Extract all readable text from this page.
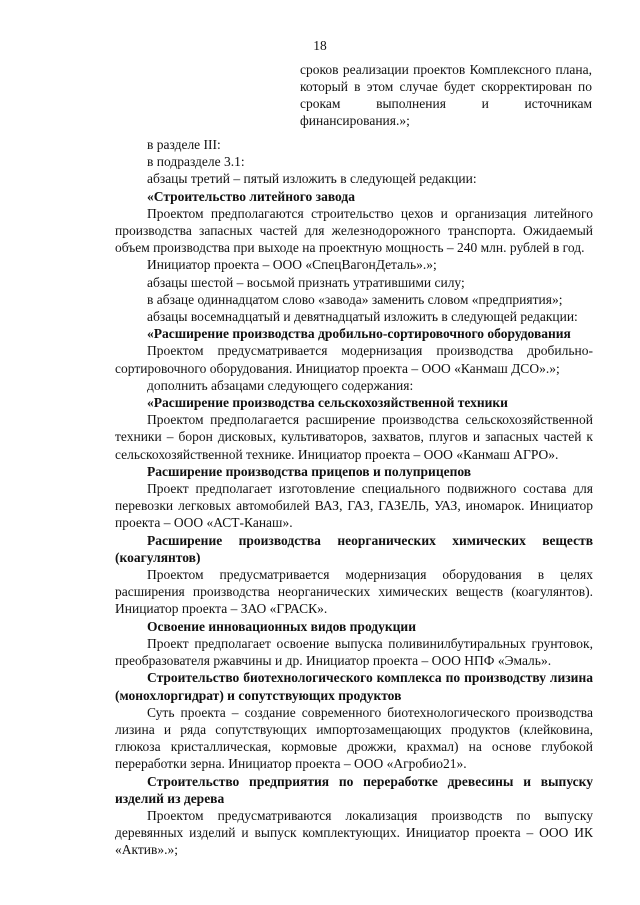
18
сроков реализации проектов Комплексного плана, который в этом случае будет скорректирован по срокам выполнения и источникам финансирования.»;

в разделе III:

в подразделе 3.1:

абзацы третий – пятый изложить в следующей редакции:

«Строительство литейного завода

Проектом предполагаются строительство цехов и организация литейного производства запасных частей для железнодорожного транспорта. Ожидаемый объем производства при выходе на проектную мощность – 240 млн. рублей в год.

Инициатор проекта – ООО «СпецВагонДеталь».»;

абзацы шестой – восьмой признать утратившими силу;

в абзаце одиннадцатом слово «завода» заменить словом «предприятия»;

абзацы восемнадцатый и девятнадцатый изложить в следующей редакции:

«Расширение производства дробильно-сортировочного оборудования

Проектом предусматривается модернизация производства дробильно-сортировочного оборудования. Инициатор проекта – ООО «Канмаш ДСО».»;

дополнить абзацами следующего содержания:

«Расширение производства сельскохозяйственной техники

Проектом предполагается расширение производства сельскохозяйственной техники – борон дисковых, культиваторов, захватов, плугов и запасных частей к сельскохозяйственной технике. Инициатор проекта – ООО «Канмаш АГРО».

Расширение производства прицепов и полуприцепов

Проект предполагает изготовление специального подвижного состава для перевозки легковых автомобилей ВАЗ, ГАЗ, ГАЗЕЛЬ, УАЗ, иномарок. Инициатор проекта – ООО «АСТ-Канаш».

Расширение производства неорганических химических веществ (коагулянтов)

Проектом предусматривается модернизация оборудования в целях расширения производства неорганических химических веществ (коагулянтов). Инициатор проекта – ЗАО «ГРАСК».

Освоение инновационных видов продукции

Проект предполагает освоение выпуска поливинилбутиральных грунтовок, преобразователя ржавчины и др. Инициатор проекта – ООО НПФ «Эмаль».

Строительство биотехнологического комплекса по производству лизина (монохлоргидрат) и сопутствующих продуктов

Суть проекта – создание современного биотехнологического производства лизина и ряда сопутствующих импортозамещающих продуктов (клейковина, глюкоза кристаллическая, кормовые дрожжи, крахмал) на основе глубокой переработки зерна. Инициатор проекта – ООО «Агробио21».

Строительство предприятия по переработке древесины и выпуску изделий из дерева

Проектом предусматриваются локализация производств по выпуску деревянных изделий и выпуск комплектующих. Инициатор проекта – ООО ИК «Актив».»;
